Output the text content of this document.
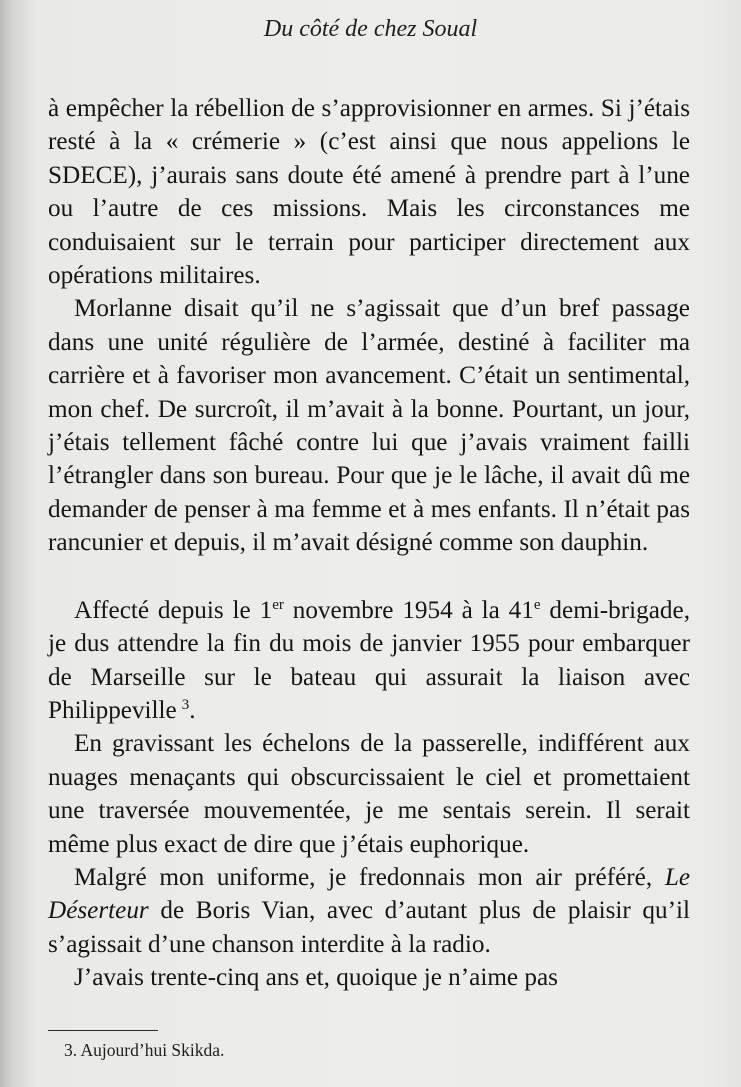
Du côté de chez Soual

à empêcher la rébellion de s’approvisionner en armes. Si j’étais resté à la « crémerie » (c’est ainsi que nous appelions le SDECE), j’aurais sans doute été amené à prendre part à l’une ou l’autre de ces missions. Mais les circonstances me conduisaient sur le terrain pour participer directement aux opérations militaires.

Morlanne disait qu’il ne s’agissait que d’un bref passage dans une unité régulière de l’armée, destiné à faciliter ma carrière et à favoriser mon avancement. C’était un sentimental, mon chef. De surcroît, il m’avait à la bonne. Pourtant, un jour, j’étais tellement fâché contre lui que j’avais vraiment failli l’étrangler dans son bureau. Pour que je le lâche, il avait dû me demander de penser à ma femme et à mes enfants. Il n’était pas rancunier et depuis, il m’avait désigné comme son dauphin.

Affecté depuis le 1er novembre 1954 à la 41e demi-brigade, je dus attendre la fin du mois de janvier 1955 pour embarquer de Marseille sur le bateau qui assurait la liaison avec Philippeville  $^3$.

En gravissant les échelons de la passerelle, indifférent aux nuages menaçants qui obscurcissaient le ciel et promettaient une traversée mouvementée, je me sentais serein. Il serait même plus exact de dire que j’étais euphorique.

Malgré mon uniforme, je fredonnais mon air préféré, Le Déserteur de Boris Vian, avec d’autant plus de plaisir qu’il s’agissait d’une chanson interdite à la radio.

J’avais trente-cinq ans et, quoique je n’aime pas

3. Aujourd’hui Skikda.
